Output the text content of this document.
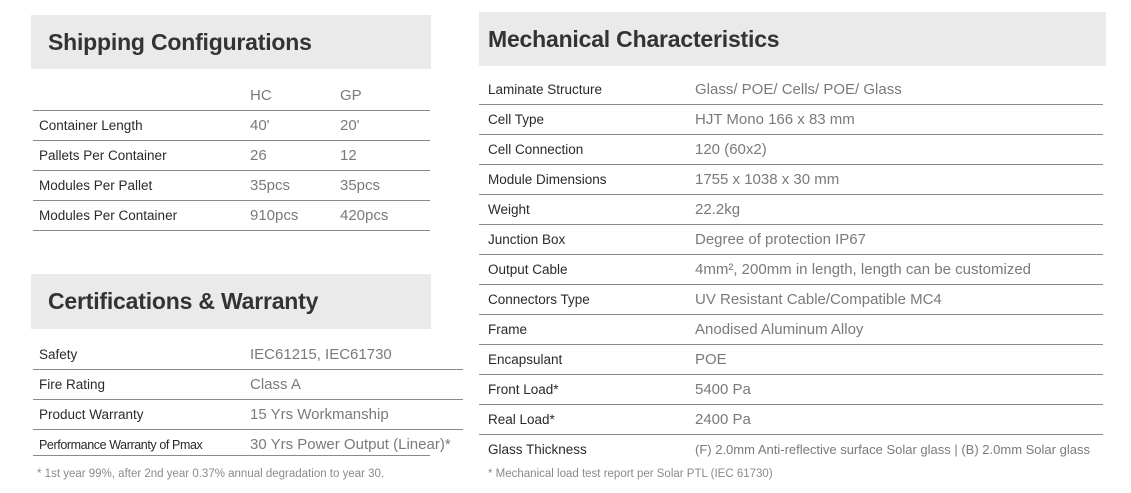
Shipping Configurations
	HC	GP
Container Length	40'	20'
Pallets Per Container	26	12
Modules Per Pallet	35pcs	35pcs
Modules Per Container	910pcs	420pcs
Certifications & Warranty
Safety	IEC61215, IEC61730
Fire Rating	Class A
Product Warranty	15 Yrs Workmanship
Performance Warranty of Pmax	30 Yrs Power Output (Linear)*
* 1st year 99%, after 2nd year 0.37% annual degradation to year 30.
Mechanical Characteristics
Laminate Structure	Glass/ POE/ Cells/ POE/ Glass
Cell Type	HJT Mono 166 x 83 mm
Cell Connection	120 (60x2)
Module Dimensions	1755 x 1038 x 30 mm
Weight	22.2kg
Junction Box	Degree of protection IP67
Output Cable	4mm², 200mm in length, length can be customized
Connectors Type	UV Resistant Cable/Compatible MC4
Frame	Anodised Aluminum Alloy
Encapsulant	POE
Front Load*	5400 Pa
Real Load*	2400 Pa
Glass Thickness	(F) 2.0mm Anti-reflective surface Solar glass | (B) 2.0mm Solar glass
* Mechanical load test report per Solar PTL (IEC 61730)
